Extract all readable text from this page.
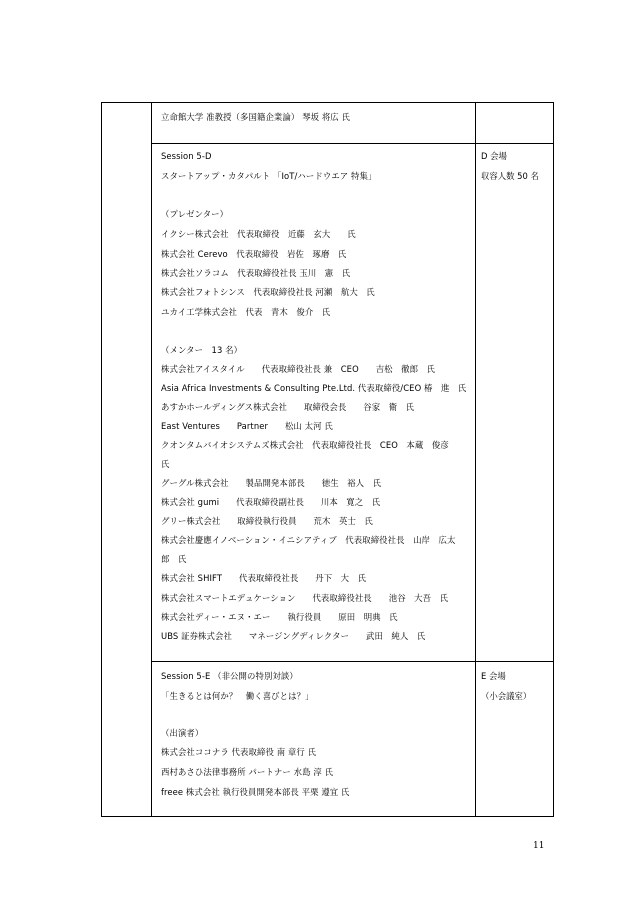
立命館大学 准教授（多国籍企業論） 琴坂 将広 氏
Session 5-D
スタートアップ・カタパルト 「IoT/ハードウエア 特集」
D 会場
収容人数 50 名
（プレゼンター）
イクシー株式会社　代表取締役　近藤　玄大　　氏
株式会社 Cerevo　代表取締役　岩佐　琢磨　氏
株式会社ソラコム　代表取締役社長 玉川　憲　氏
株式会社フォトシンス　代表取締役社長 河瀬　航大　氏
ユカイ工学株式会社　代表　青木　俊介　氏
（メンター　13 名）
株式会社アイスタイル　　代表取締役社長 兼　CEO　　吉松　徹郎　氏
Asia Africa Investments & Consulting Pte.Ltd. 代表取締役/CEO 椿　進　氏
あすかホールディングス株式会社　　取締役会長　　谷家　衛　氏
East Ventures　　Partner　　松山 太河 氏
クオンタムバイオシステムズ株式会社　代表取締役社長　CEO　本蔵　俊彦
氏
グーグル株式会社　　製品開発本部長　　徳生　裕人　氏
株式会社 gumi　　代表取締役副社長　　川本　寛之　氏
グリー株式会社　　取締役執行役員　　荒木　英士　氏
株式会社慶應イノベーション・イニシアティブ　代表取締役社長　山岸　広太
郎　氏
株式会社 SHIFT　　代表取締役社長　　丹下　大　氏
株式会社スマートエデュケーション　　代表取締役社長　　池谷　大吾　氏
株式会社ディー・エヌ・エー　　執行役員　　原田　明典　氏
UBS 証券株式会社　　マネージングディレクター　　武田　純人　氏
Session 5-E （非公開の特別対談）
「生きるとは何か？　働く喜びとは？」
E 会場
（小会議室）
（出演者）
株式会社ココナラ 代表取締役 南 章行 氏
西村あさひ法律事務所 パートナー 水島 淳 氏
freee 株式会社 執行役員開発本部長 平栗 遵宜 氏
11
